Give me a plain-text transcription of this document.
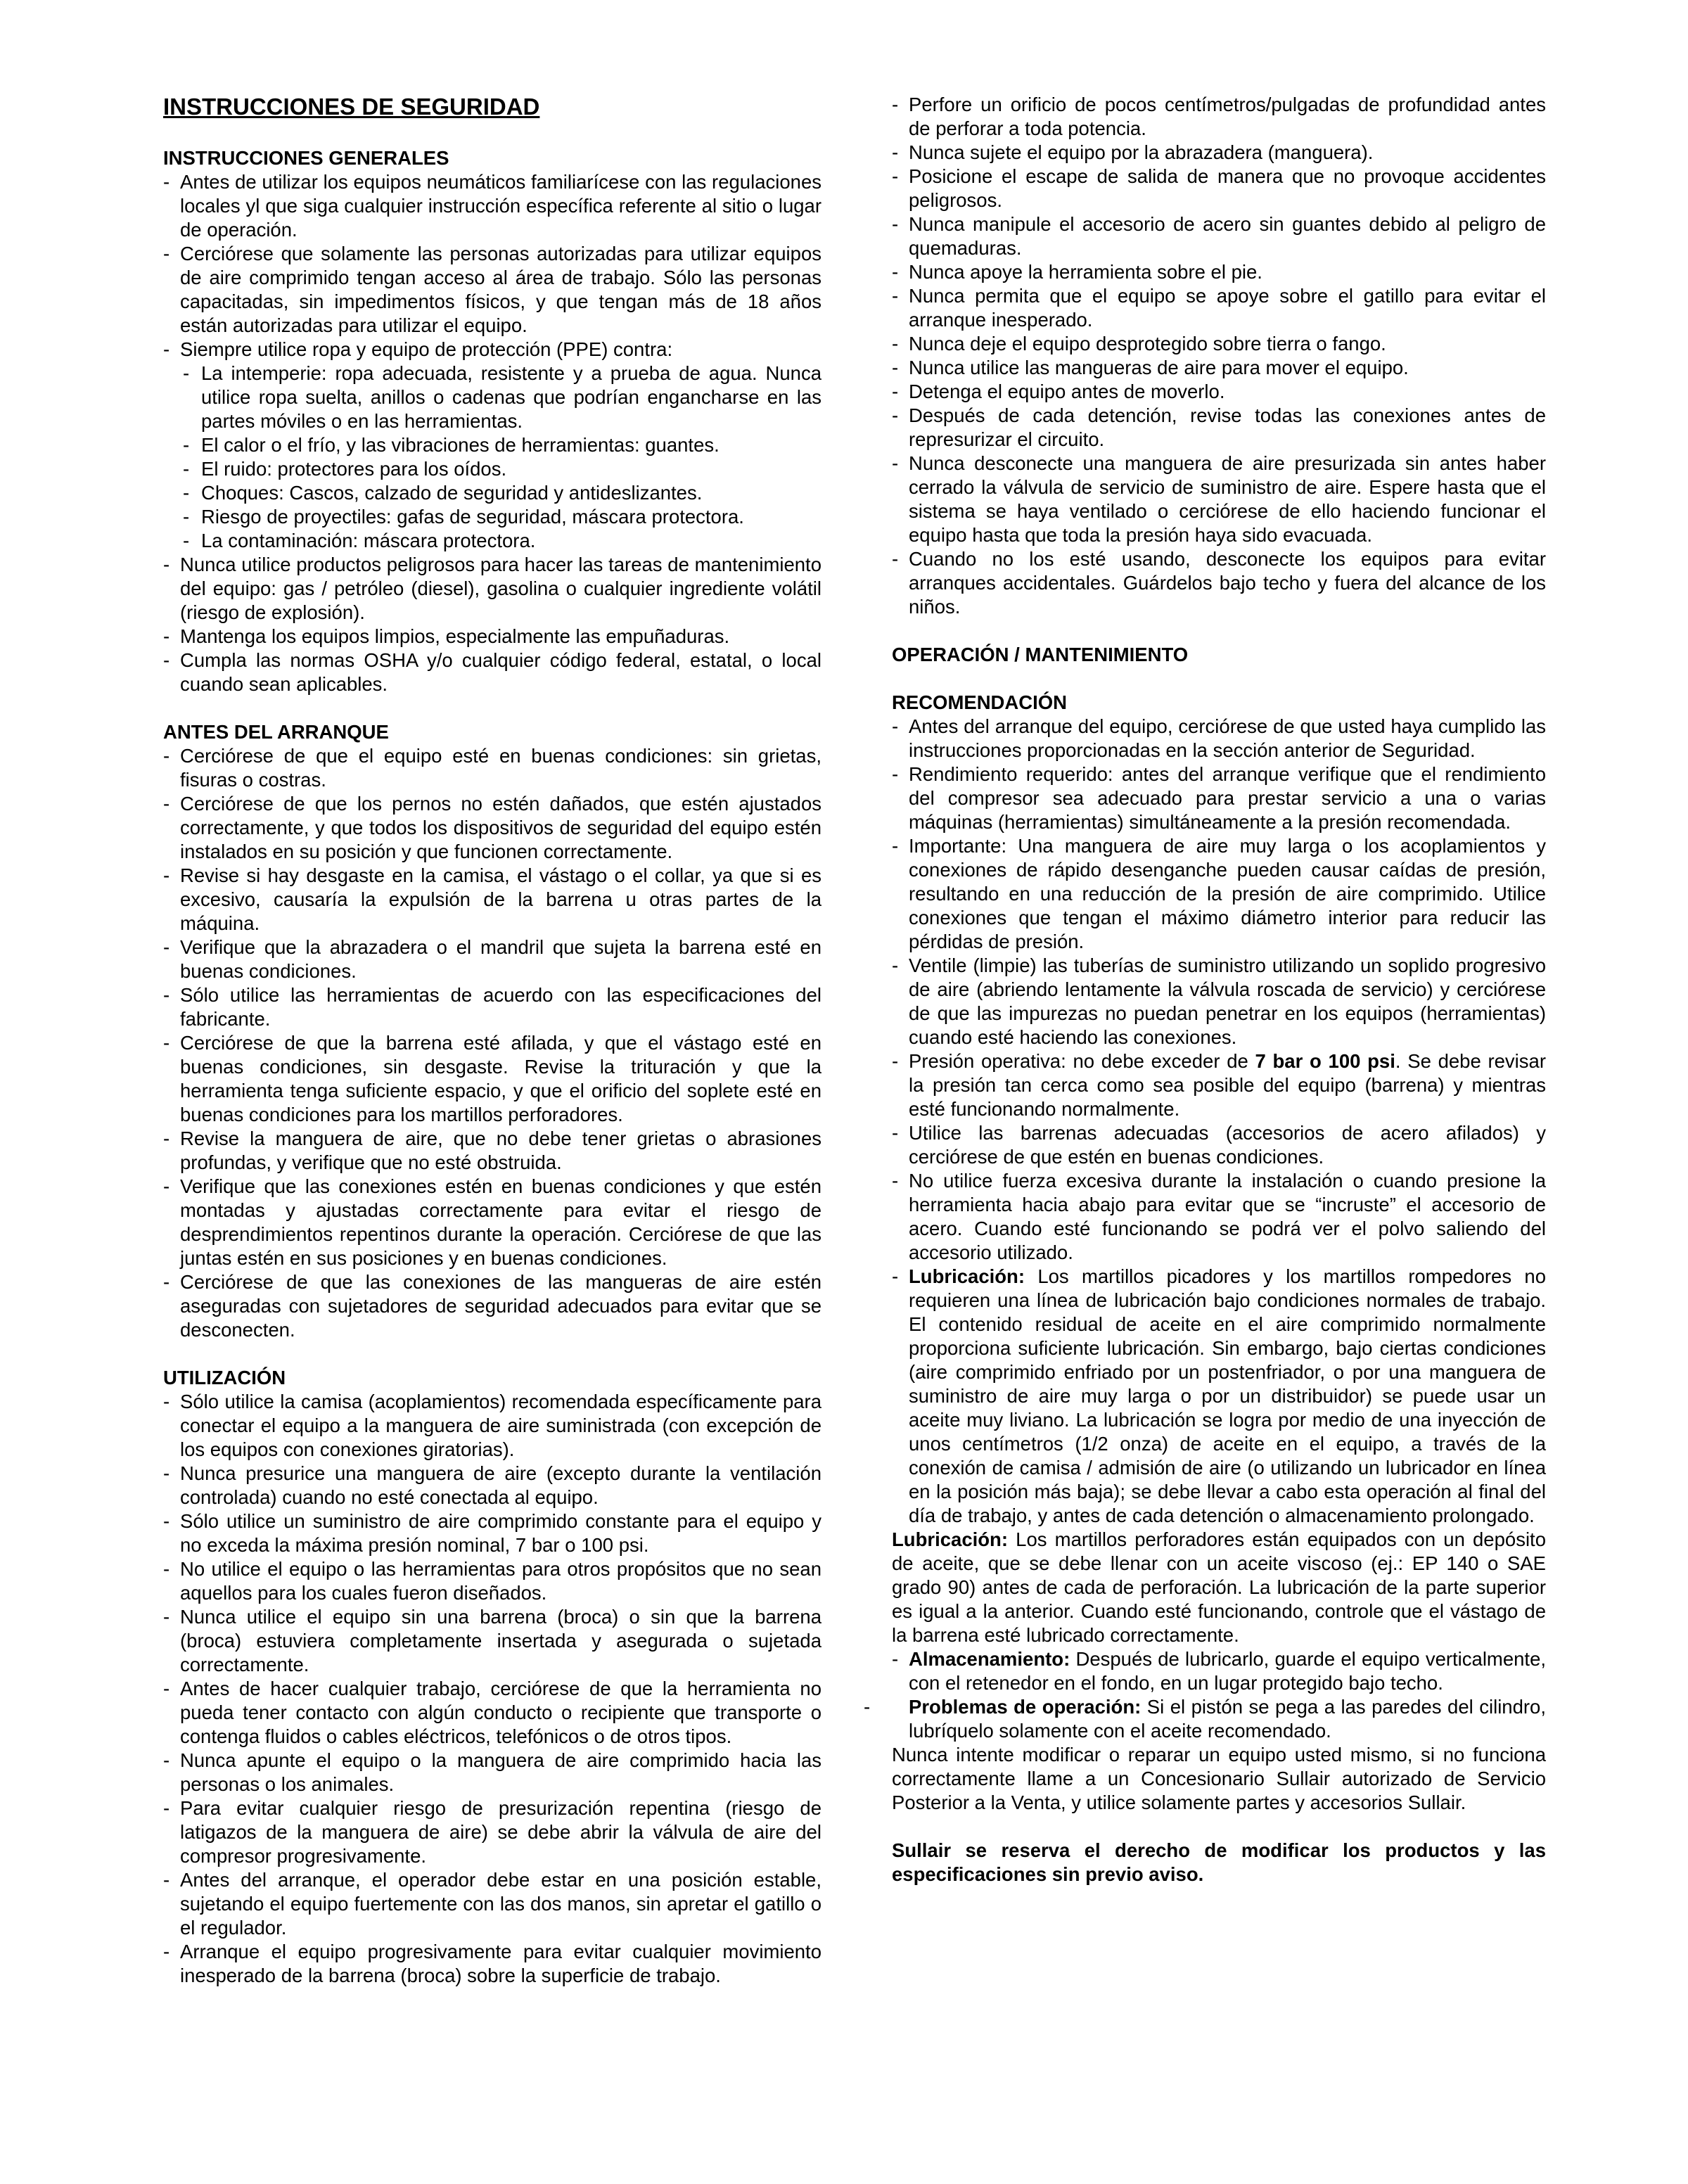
INSTRUCCIONES DE SEGURIDAD
INSTRUCCIONES GENERALES
- Antes de utilizar los equipos neumáticos familiarícese con las regulaciones locales yl que siga cualquier instrucción específica referente al sitio o lugar de operación.
- Cerciórese que solamente las personas autorizadas para utilizar equipos de aire comprimido tengan acceso al área de trabajo. Sólo las personas capacitadas, sin impedimentos físicos, y que tengan más de 18 años están autorizadas para utilizar el equipo.
- Siempre utilice ropa y equipo de protección (PPE) contra:
- La intemperie: ropa adecuada, resistente y a prueba de agua. Nunca utilice ropa suelta, anillos o cadenas que podrían engancharse en las partes móviles o en las herramientas.
- El calor o el frío, y las vibraciones de herramientas: guantes.
- El ruido: protectores para los oídos.
- Choques: Cascos, calzado de seguridad y antideslizantes.
- Riesgo de proyectiles: gafas de seguridad, máscara protectora.
- La contaminación: máscara protectora.
- Nunca utilice productos peligrosos para hacer las tareas de mantenimiento del equipo: gas / petróleo (diesel), gasolina o cualquier ingrediente volátil (riesgo de explosión).
- Mantenga los equipos limpios, especialmente las empuñaduras.
- Cumpla las normas OSHA y/o cualquier código federal, estatal, o local cuando sean aplicables.
ANTES DEL ARRANQUE
- Cerciórese de que el equipo esté en buenas condiciones: sin grietas, fisuras o costras.
- Cerciórese de que los pernos no estén dañados, que estén ajustados correctamente, y que todos los dispositivos de seguridad del equipo estén instalados en su posición y que funcionen correctamente.
- Revise si hay desgaste en la camisa, el vástago o el collar, ya que si es excesivo, causaría la expulsión de la barrena u otras partes de la máquina.
- Verifique que la abrazadera o el mandril que sujeta la barrena esté en buenas condiciones.
- Sólo utilice las herramientas de acuerdo con las especificaciones del fabricante.
- Cerciórese de que la barrena esté afilada, y que el vástago esté en buenas condiciones, sin desgaste. Revise la trituración y que la herramienta tenga suficiente espacio, y que el orificio del soplete esté en buenas condiciones para los martillos perforadores.
- Revise la manguera de aire, que no debe tener grietas o abrasiones profundas, y verifique que no esté obstruida.
- Verifique que las conexiones estén en buenas condiciones y que estén montadas y ajustadas correctamente para evitar el riesgo de desprendimientos repentinos durante la operación. Cerciórese de que las juntas estén en sus posiciones y en buenas condiciones.
- Cerciórese de que las conexiones de las mangueras de aire estén aseguradas con sujetadores de seguridad adecuados para evitar que se desconecten.
UTILIZACIÓN
- Sólo utilice la camisa (acoplamientos) recomendada específicamente para conectar el equipo a la manguera de aire suministrada (con excepción de los equipos con conexiones giratorias).
- Nunca presurice una manguera de aire (excepto durante la ventilación controlada) cuando no esté conectada al equipo.
- Sólo utilice un suministro de aire comprimido constante para el equipo y no exceda la máxima presión nominal, 7 bar o 100 psi.
- No utilice el equipo o las herramientas para otros propósitos que no sean aquellos para los cuales fueron diseñados.
- Nunca utilice el equipo sin una barrena (broca) o sin que la barrena (broca) estuviera completamente insertada y asegurada o sujetada correctamente.
- Antes de hacer cualquier trabajo, cerciórese de que la herramienta no pueda tener contacto con algún conducto o recipiente que transporte o contenga fluidos o cables eléctricos, telefónicos o de otros tipos.
- Nunca apunte el equipo o la manguera de aire comprimido hacia las personas o los animales.
- Para evitar cualquier riesgo de presurización repentina (riesgo de latigazos de la manguera de aire) se debe abrir la válvula de aire del compresor progresivamente.
- Antes del arranque, el operador debe estar en una posición estable, sujetando el equipo fuertemente con las dos manos, sin apretar el gatillo o el regulador.
- Arranque el equipo progresivamente para evitar cualquier movimiento inesperado de la barrena (broca) sobre la superficie de trabajo.
- Perfore un orificio de pocos centímetros/pulgadas de profundidad antes de perforar a toda potencia.
- Nunca sujete el equipo por la abrazadera (manguera).
- Posicione el escape de salida de manera que no provoque accidentes peligrosos.
- Nunca manipule el accesorio de acero sin guantes debido al peligro de quemaduras.
- Nunca apoye la herramienta sobre el pie.
- Nunca permita que el equipo se apoye sobre el gatillo para evitar el arranque inesperado.
- Nunca deje el equipo desprotegido sobre tierra o fango.
- Nunca utilice las mangueras de aire para mover el equipo.
- Detenga el equipo antes de moverlo.
- Después de cada detención, revise todas las conexiones antes de represurizar el circuito.
- Nunca desconecte una manguera de aire presurizada sin antes haber cerrado la válvula de servicio de suministro de aire. Espere hasta que el sistema se haya ventilado o cerciórese de ello haciendo funcionar el equipo hasta que toda la presión haya sido evacuada.
- Cuando no los esté usando, desconecte los equipos para evitar arranques accidentales. Guárdelos bajo techo y fuera del alcance de los niños.
OPERACIÓN / MANTENIMIENTO
RECOMENDACIÓN
- Antes del arranque del equipo, cerciórese de que usted haya cumplido las instrucciones proporcionadas en la sección anterior de Seguridad.
- Rendimiento requerido: antes del arranque verifique que el rendimiento del compresor sea adecuado para prestar servicio a una o varias máquinas (herramientas) simultáneamente a la presión recomendada.
- Importante: Una manguera de aire muy larga o los acoplamientos y conexiones de rápido desenganche pueden causar caídas de presión, resultando en una reducción de la presión de aire comprimido. Utilice conexiones que tengan el máximo diámetro interior para reducir las pérdidas de presión.
- Ventile (limpie) las tuberías de suministro utilizando un soplido progresivo de aire (abriendo lentamente la válvula roscada de servicio) y cerciórese de que las impurezas no puedan penetrar en los equipos (herramientas) cuando esté haciendo las conexiones.
- Presión operativa: no debe exceder de 7 bar o 100 psi. Se debe revisar la presión tan cerca como sea posible del equipo (barrena) y mientras esté funcionando normalmente.
- Utilice las barrenas adecuadas (accesorios de acero afilados) y cerciórese de que estén en buenas condiciones.
- No utilice fuerza excesiva durante la instalación o cuando presione la herramienta hacia abajo para evitar que se “incruste” el accesorio de acero. Cuando esté funcionando se podrá ver el polvo saliendo del accesorio utilizado.
- Lubricación: Los martillos picadores y los martillos rompedores no requieren una línea de lubricación bajo condiciones normales de trabajo. El contenido residual de aceite en el aire comprimido normalmente proporciona suficiente lubricación. Sin embargo, bajo ciertas condiciones (aire comprimido enfriado por un postenfriador, o por una manguera de suministro de aire muy larga o por un distribuidor) se puede usar un aceite muy liviano. La lubricación se logra por medio de una inyección de unos centímetros (1/2 onza) de aceite en el equipo, a través de la conexión de camisa / admisión de aire (o utilizando un lubricador en línea en la posición más baja); se debe llevar a cabo esta operación al final del día de trabajo, y antes de cada detención o almacenamiento prolongado.
Lubricación: Los martillos perforadores están equipados con un depósito de aceite, que se debe llenar con un aceite viscoso (ej.: EP 140 o SAE grado 90) antes de cada de perforación. La lubricación de la parte superior es igual a la anterior. Cuando esté funcionando, controle que el vástago de la barrena esté lubricado correctamente.
- Almacenamiento: Después de lubricarlo, guarde el equipo verticalmente, con el retenedor en el fondo, en un lugar protegido bajo techo.
- Problemas de operación: Si el pistón se pega a las paredes del cilindro, lubríquelo solamente con el aceite recomendado.

Nunca intente modificar o reparar un equipo usted mismo, si no funciona correctamente llame a un Concesionario Sullair autorizado de Servicio Posterior a la Venta, y utilice solamente partes y accesorios Sullair.

Sullair se reserva el derecho de modificar los productos y las especificaciones sin previo aviso.
